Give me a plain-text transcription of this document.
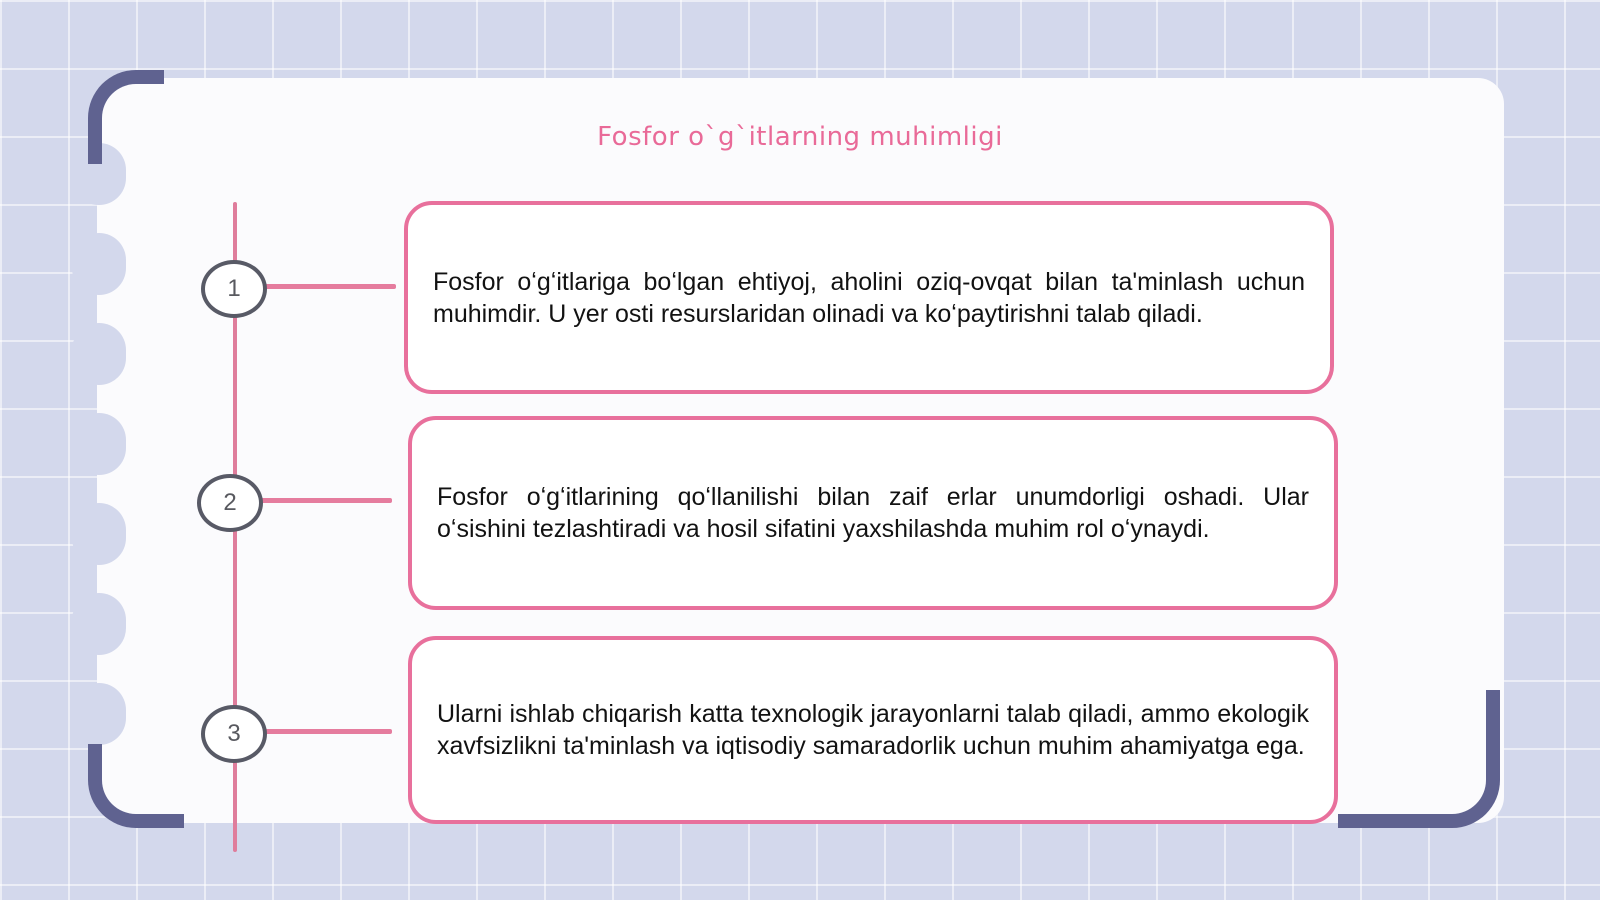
Fosfor o`g`itlarning muhimligi
1
2
3

Fosfor oʻgʻitlariga boʻlgan ehtiyoj, aholini oziq-ovqat bilan ta'minlash uchun muhimdir. U yer osti resurslaridan olinadi va koʻpaytirishni talab qiladi.

Fosfor oʻgʻitlarining qoʻllanilishi bilan zaif erlar unumdorligi oshadi. Ular oʻsishini tezlashtiradi va hosil sifatini yaxshilashda muhim rol oʻynaydi.

Ularni ishlab chiqarish katta texnologik jarayonlarni talab qiladi, ammo ekologik xavfsizlikni ta'minlash va iqtisodiy samaradorlik uchun muhim ahamiyatga ega.
